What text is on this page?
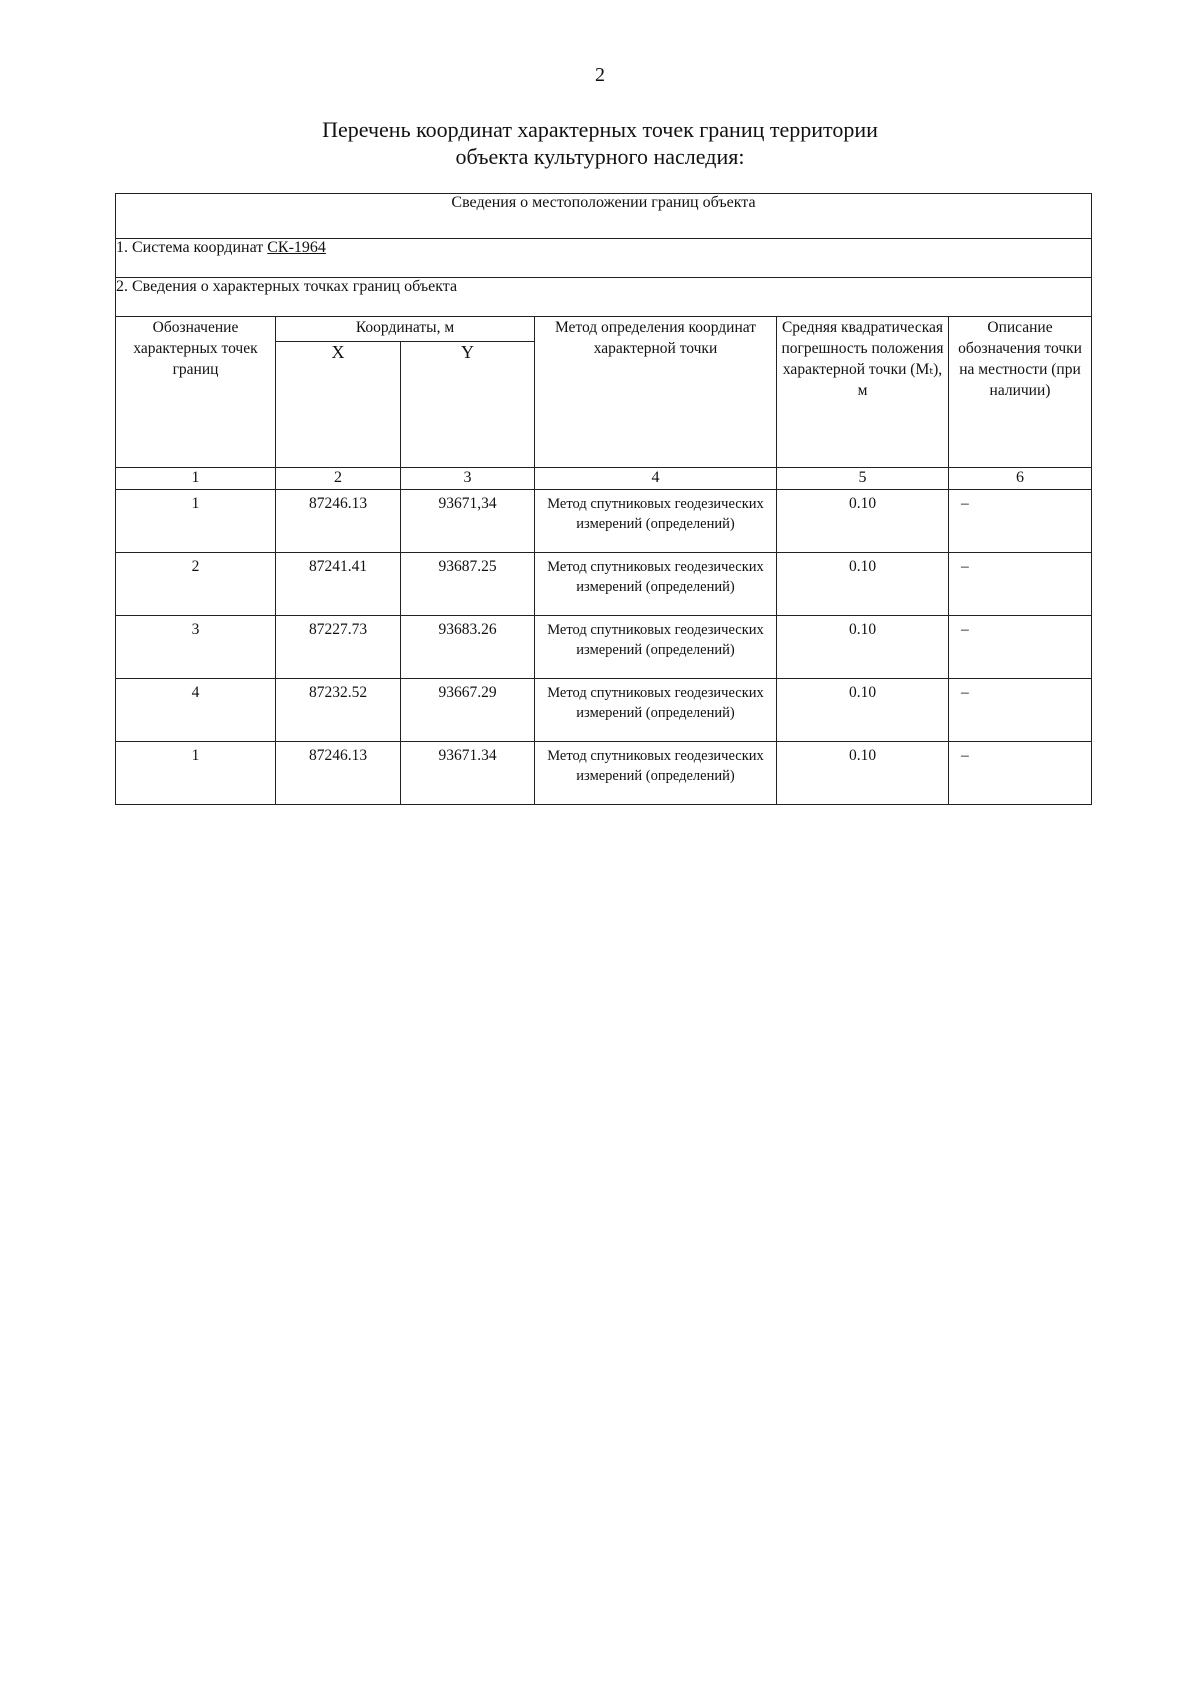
2
Перечень координат характерных точек границ территории
объекта культурного наследия:
Сведения о местоположении границ объекта					
1. Система координат СК-1964					
2. Сведения о характерных точках границ объекта					
Обозначение характерных точек границ	Координаты, м		Метод определения координат характерной точки	Средняя квадратическая погрешность положения характерной точки (Mₜ), м	Описание обозначения точки на местности (при наличии)
	X	Y			
1	2	3	4	5	6

1	87246.13	93671,34	Метод спутниковых геодезических измерений (определений)	0.10	–

2	87241.41	93687.25	Метод спутниковых геодезических измерений (определений)	0.10	–

3	87227.73	93683.26	Метод спутниковых геодезических измерений (определений)	0.10	–

4	87232.52	93667.29	Метод спутниковых геодезических измерений (определений)	0.10	–

1	87246.13	93671.34	Метод спутниковых геодезических измерений (определений)	0.10	–
